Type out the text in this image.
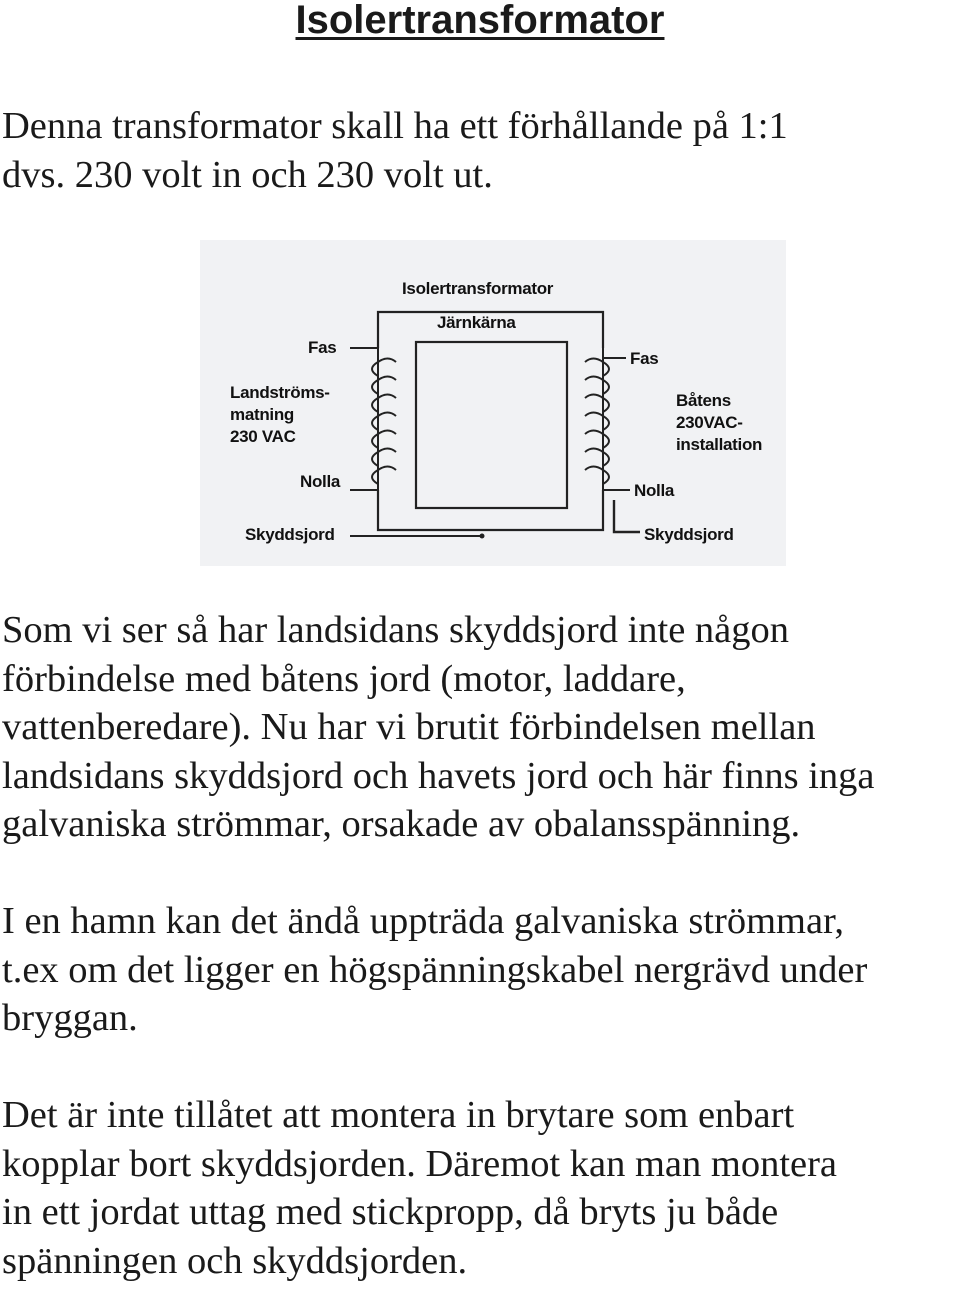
Isolertransformator

Denna transformator skall ha ett förhållande på 1:1
dvs. 230 volt in och 230 volt ut.

Isolertransformator
Järnkärna
Fas
Landströms-
matning
230 VAC
Nolla
Skyddsjord
Fas
Båtens
230VAC-
installation
Nolla
Skyddsjord

Som vi ser så har landsidans skyddsjord inte någon
förbindelse med båtens jord (motor, laddare,
vattenberedare). Nu har vi brutit förbindelsen mellan
landsidans skyddsjord och havets jord och här finns inga
galvaniska strömmar, orsakade av obalansspänning.

I en hamn kan det ändå uppträda galvaniska strömmar,
t.ex om det ligger en högspänningskabel nergrävd under
bryggan.

Det är inte tillåtet att montera in brytare som enbart
kopplar bort skyddsjorden. Däremot kan man montera
in ett jordat uttag med stickpropp, då bryts ju både
spänningen och skyddsjorden.
